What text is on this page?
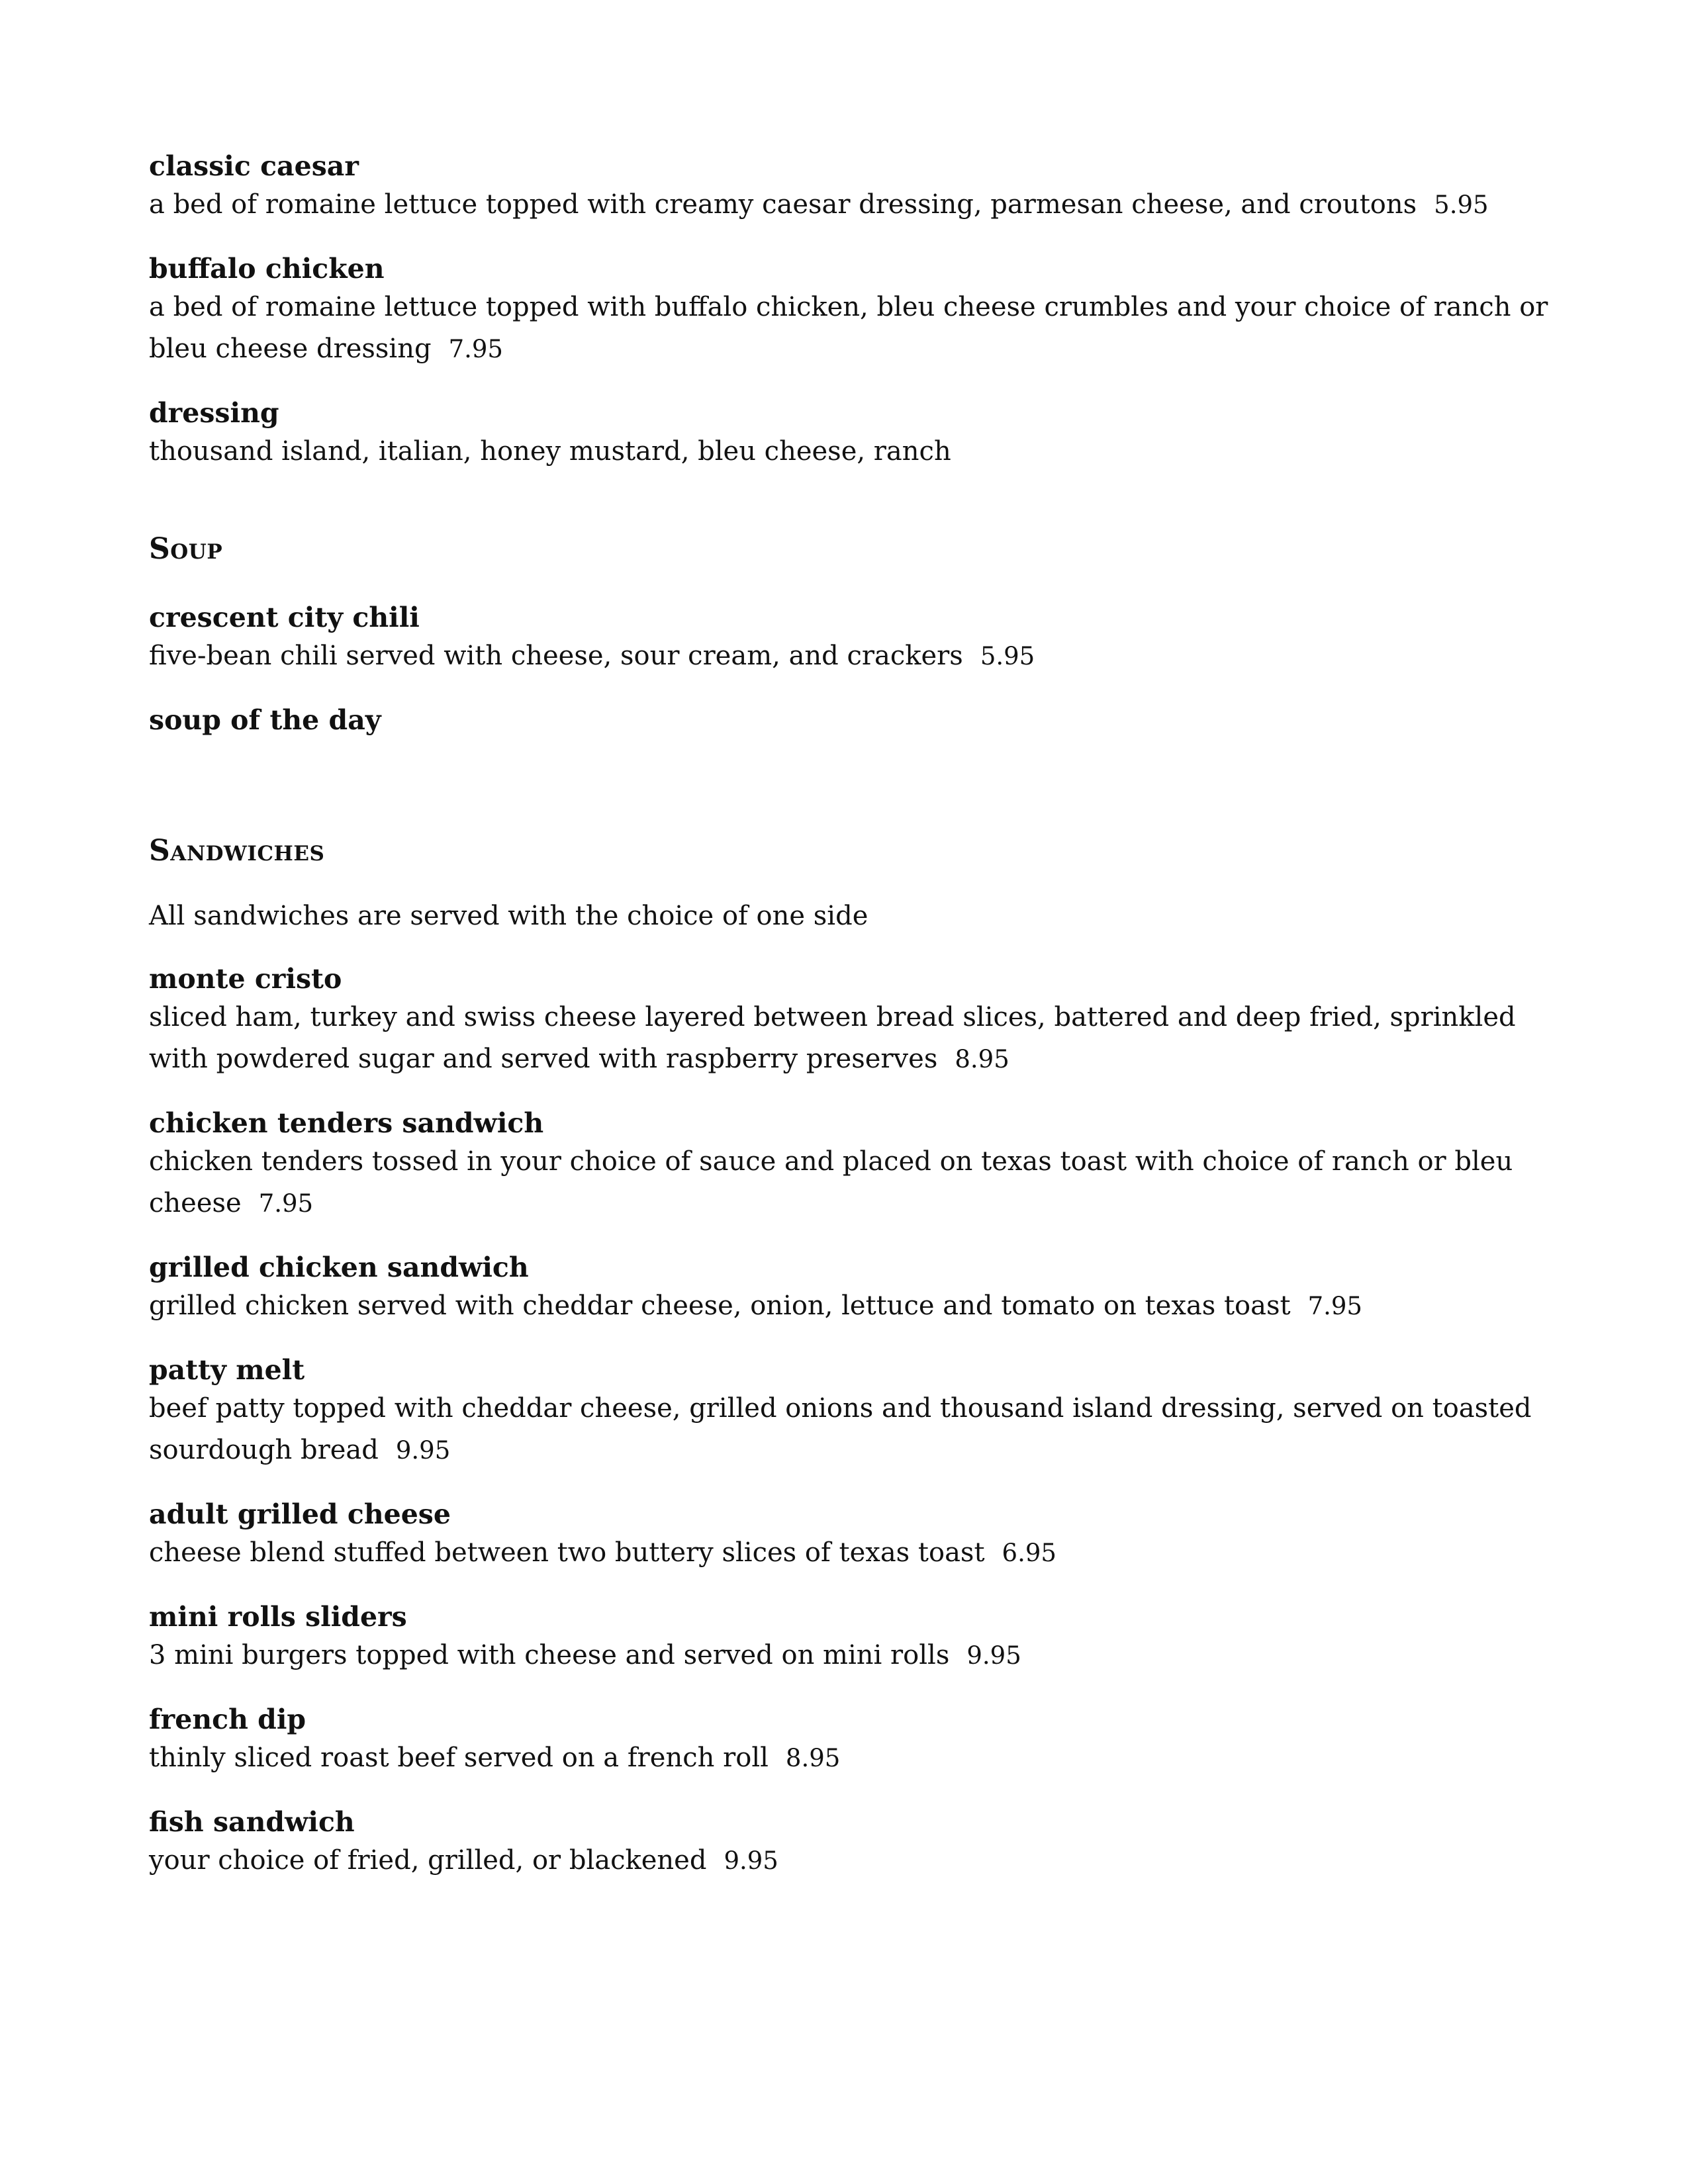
classic caesar

a bed of romaine lettuce topped with creamy caesar dressing, parmesan cheese, and croutons 5.95

buffalo chicken

a bed of romaine lettuce topped with buffalo chicken, bleu cheese crumbles and your choice of ranch or bleu cheese dressing 7.95

dressing

thousand island, italian, honey mustard, bleu cheese, ranch

Soup

crescent city chili

five-bean chili served with cheese, sour cream, and crackers 5.95

soup of the day

Sandwiches

All sandwiches are served with the choice of one side

monte cristo

sliced ham, turkey and swiss cheese layered between bread slices, battered and deep fried, sprinkled with powdered sugar and served with raspberry preserves 8.95

chicken tenders sandwich

chicken tenders tossed in your choice of sauce and placed on texas toast with choice of ranch or bleu cheese 7.95

grilled chicken sandwich

grilled chicken served with cheddar cheese, onion, lettuce and tomato on texas toast 7.95

patty melt

beef patty topped with cheddar cheese, grilled onions and thousand island dressing, served on toasted sourdough bread 9.95

adult grilled cheese

cheese blend stuffed between two buttery slices of texas toast 6.95

mini rolls sliders

3 mini burgers topped with cheese and served on mini rolls 9.95

french dip

thinly sliced roast beef served on a french roll 8.95

fish sandwich

your choice of fried, grilled, or blackened 9.95
